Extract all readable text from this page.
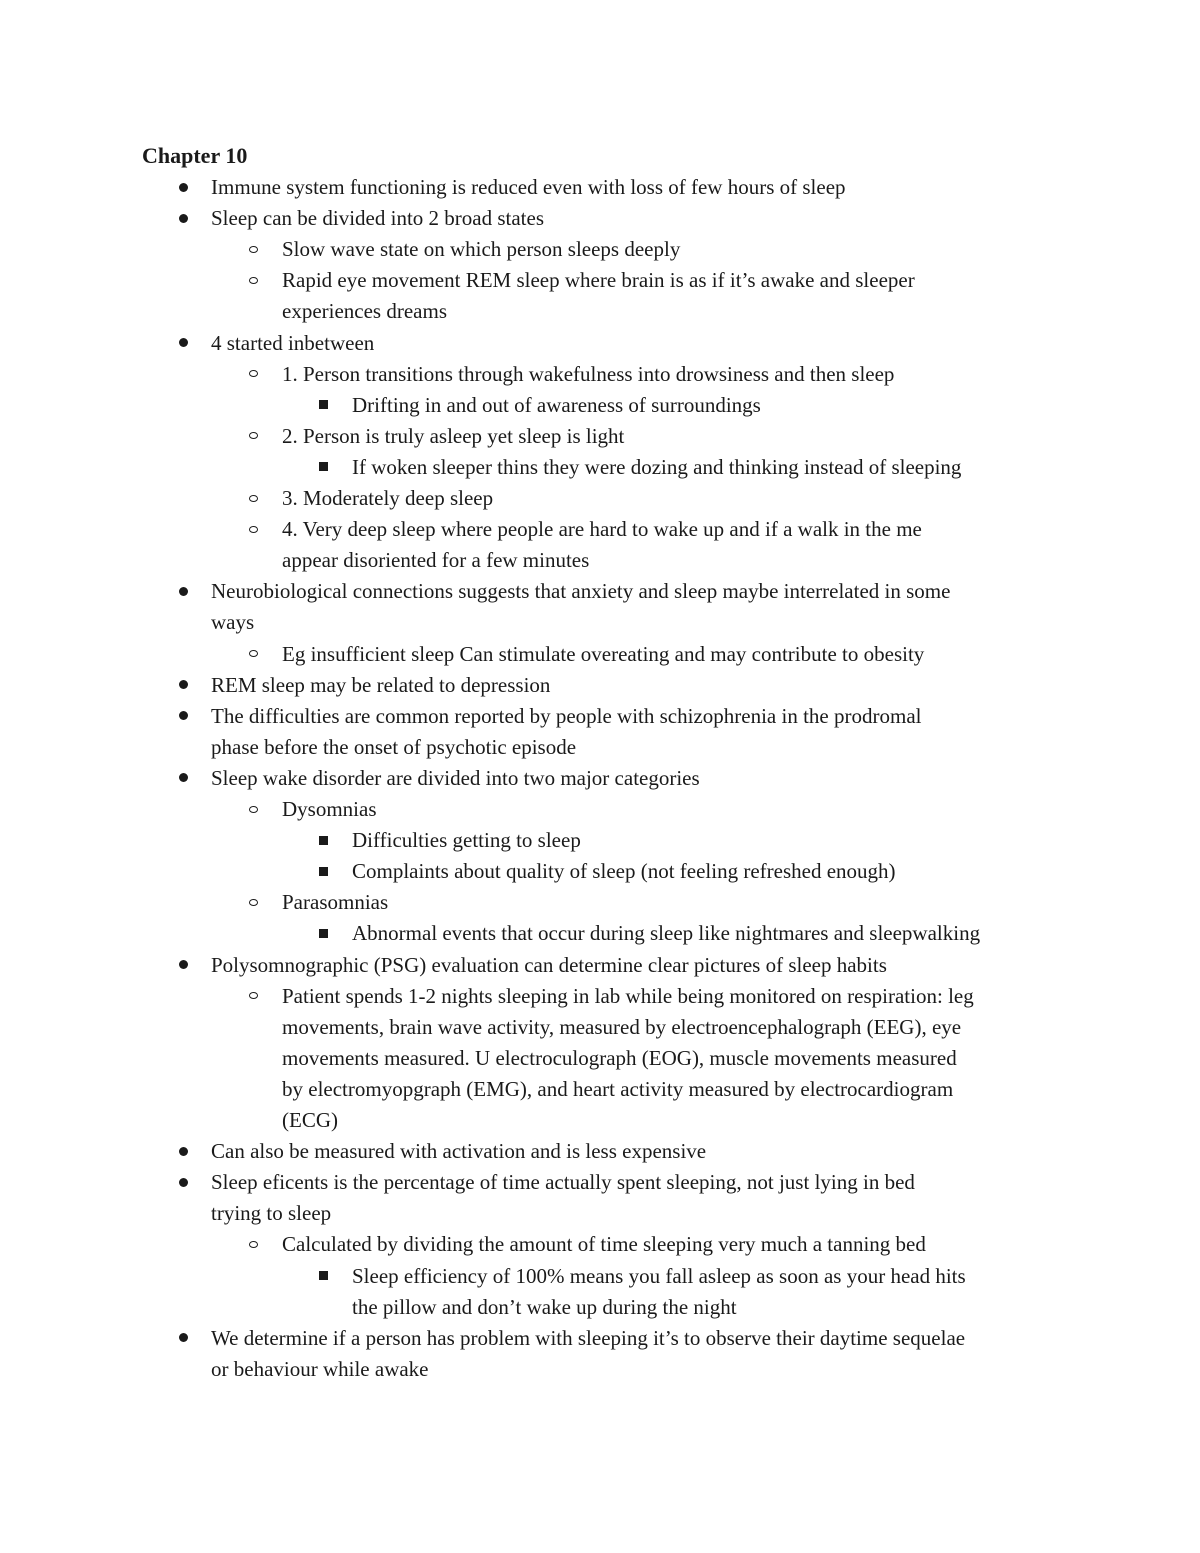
Chapter 10
Immune system functioning is reduced even with loss of few hours of sleep
Sleep can be divided into 2 broad states
Slow wave state on which person sleeps deeply
Rapid eye movement REM sleep where brain is as if it’s awake and sleeper
experiences dreams
4 started inbetween
1. Person transitions through wakefulness into drowsiness and then sleep
Drifting in and out of awareness of surroundings
2. Person is truly asleep yet sleep is light
If woken sleeper thins they were dozing and thinking instead of sleeping
3. Moderately deep sleep
4. Very deep sleep where people are hard to wake up and if a walk in the me
appear disoriented for a few minutes
Neurobiological connections suggests that anxiety and sleep maybe interrelated in some
ways
Eg insufficient sleep Can stimulate overeating and may contribute to obesity
REM sleep may be related to depression
The difficulties are common reported by people with schizophrenia in the prodromal
phase before the onset of psychotic episode
Sleep wake disorder are divided into two major categories
Dysomnias
Difficulties getting to sleep
Complaints about quality of sleep (not feeling refreshed enough)
Parasomnias
Abnormal events that occur during sleep like nightmares and sleepwalking
Polysomnographic (PSG) evaluation can determine clear pictures of sleep habits
Patient spends 1-2 nights sleeping in lab while being monitored on respiration: leg
movements, brain wave activity, measured by electroencephalograph (EEG), eye
movements measured. U electroculograph (EOG), muscle movements measured
by electromyopgraph (EMG), and heart activity measured by electrocardiogram
(ECG)
Can also be measured with activation and is less expensive
Sleep eficents is the percentage of time actually spent sleeping, not just lying in bed
trying to sleep
Calculated by dividing the amount of time sleeping very much a tanning bed
Sleep efficiency of 100% means you fall asleep as soon as your head hits
the pillow and don’t wake up during the night
We determine if a person has problem with sleeping it’s to observe their daytime sequelae
or behaviour while awake
